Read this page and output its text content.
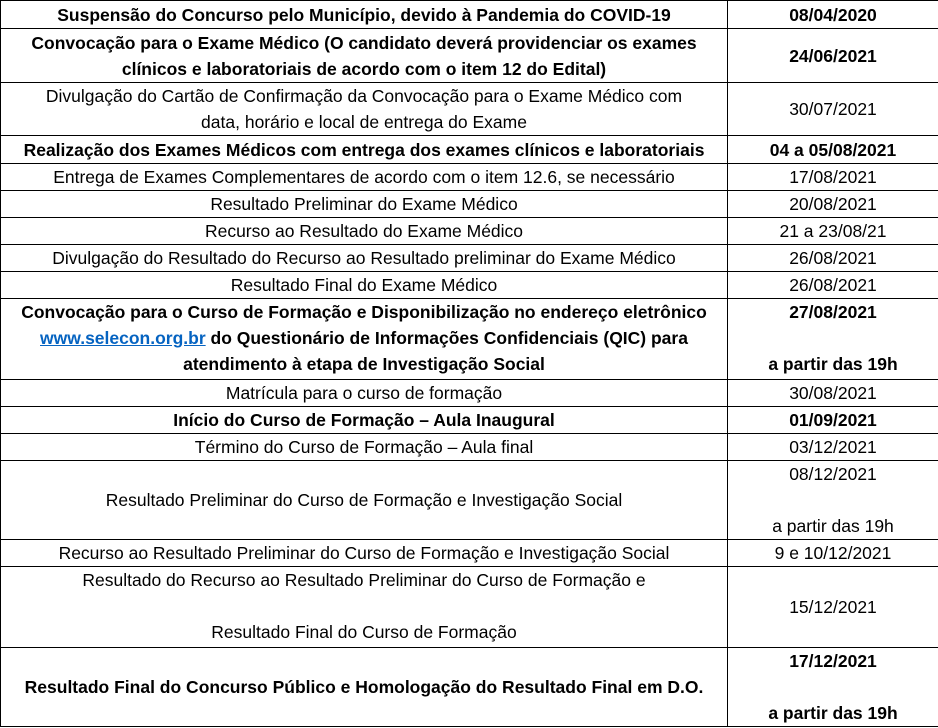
Suspensão do Concurso pelo Município, devido à Pandemia do COVID-19	08/04/2020

Convocação para o Exame Médico (O candidato deverá providenciar os exames
clínicos e laboratoriais de acordo com o item 12 do Edital)	24/06/2021

Divulgação do Cartão de Confirmação da Convocação para o Exame Médico com
data, horário e local de entrega do Exame	30/07/2021
Realização dos Exames Médicos com entrega dos exames clínicos e laboratoriais	04 a 05/08/2021
Entrega de Exames Complementares de acordo com o item 12.6, se necessário	17/08/2021
Resultado Preliminar do Exame Médico	20/08/2021
Recurso ao Resultado do Exame Médico	21 a 23/08/21
Divulgação do Resultado do Recurso ao Resultado preliminar do Exame Médico	26/08/2021
Resultado Final do Exame Médico	26/08/2021

Convocação para o Curso de Formação e Disponibilização no endereço eletrônico
www.selecon.org.br do Questionário de Informações Confidenciais (QIC) para
atendimento à etapa de Investigação Social	27/08/2021
a partir das 19h

Matrícula para o curso de formação	30/08/2021
Início do Curso de Formação – Aula Inaugural	01/09/2021
Término do Curso de Formação – Aula final	03/12/2021
Resultado Preliminar do Curso de Formação e Investigação Social	08/12/2021
a partir das 19h

Recurso ao Resultado Preliminar do Curso de Formação e Investigação Social	9 e 10/12/2021

Resultado do Recurso ao Resultado Preliminar do Curso de Formação e
Resultado Final do Curso de Formação	15/12/2021
Resultado Final do Concurso Público e Homologação do Resultado Final em D.O.	17/12/2021
a partir das 19h
